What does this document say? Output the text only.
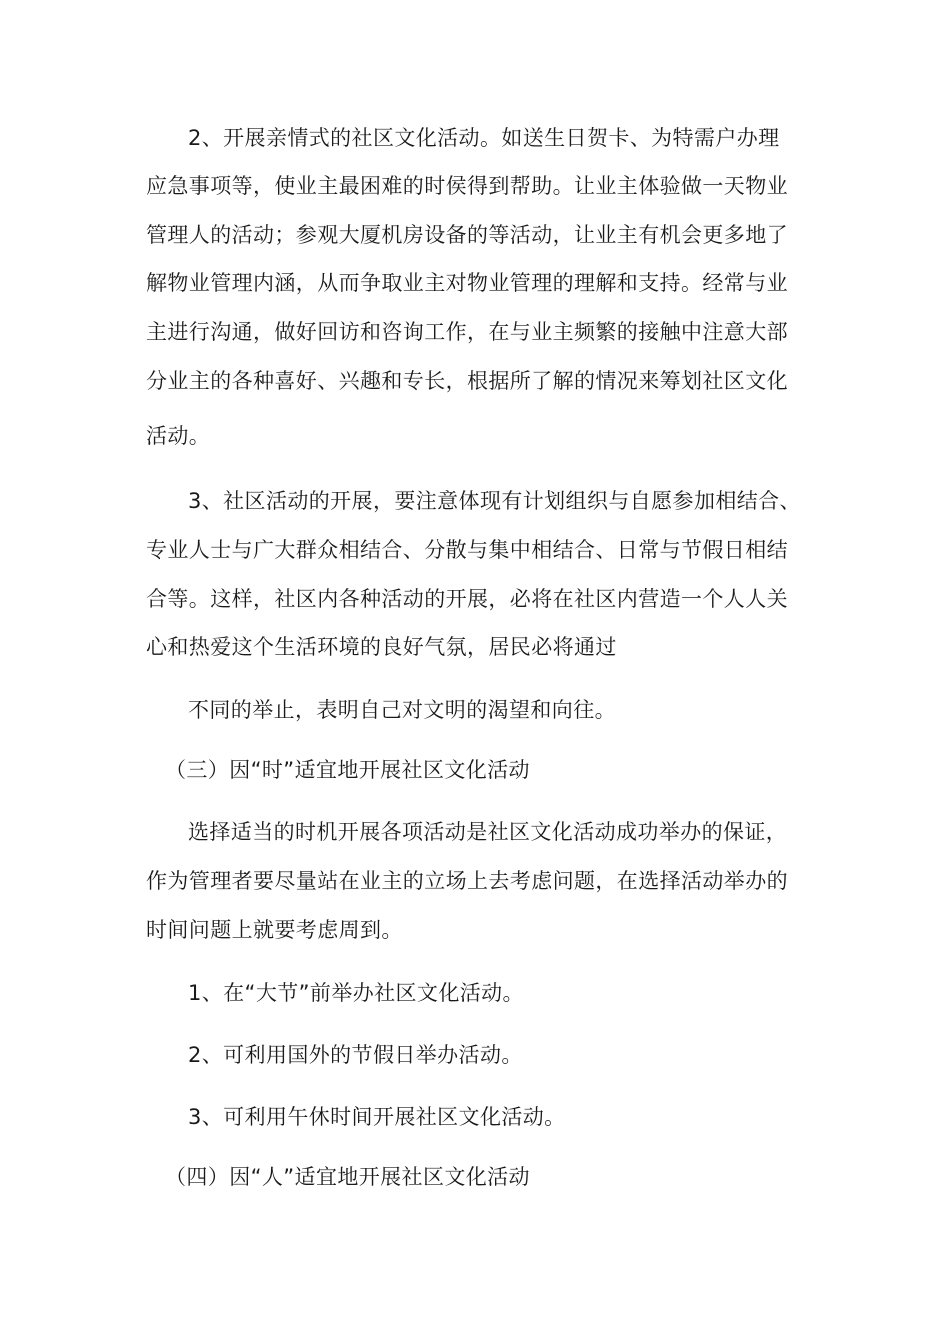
2、开展亲情式的社区文化活动。如送生日贺卡、为特需户办理
应急事项等，使业主最困难的时侯得到帮助。让业主体验做一天物业
管理人的活动；参观大厦机房设备的等活动，让业主有机会更多地了
解物业管理内涵，从而争取业主对物业管理的理解和支持。经常与业
主进行沟通，做好回访和咨询工作，在与业主频繁的接触中注意大部
分业主的各种喜好、兴趣和专长，根据所了解的情况来筹划社区文化
活动。
3、社区活动的开展，要注意体现有计划组织与自愿参加相结合、
专业人士与广大群众相结合、分散与集中相结合、日常与节假日相结
合等。这样，社区内各种活动的开展，必将在社区内营造一个人人关
心和热爱这个生活环境的良好气氛，居民必将通过
不同的举止，表明自己对文明的渴望和向往。
（三）因“时”适宜地开展社区文化活动
选择适当的时机开展各项活动是社区文化活动成功举办的保证，
作为管理者要尽量站在业主的立场上去考虑问题，在选择活动举办的
时间问题上就要考虑周到。
1、在“大节”前举办社区文化活动。
2、可利用国外的节假日举办活动。
3、可利用午休时间开展社区文化活动。
（四）因“人”适宜地开展社区文化活动
